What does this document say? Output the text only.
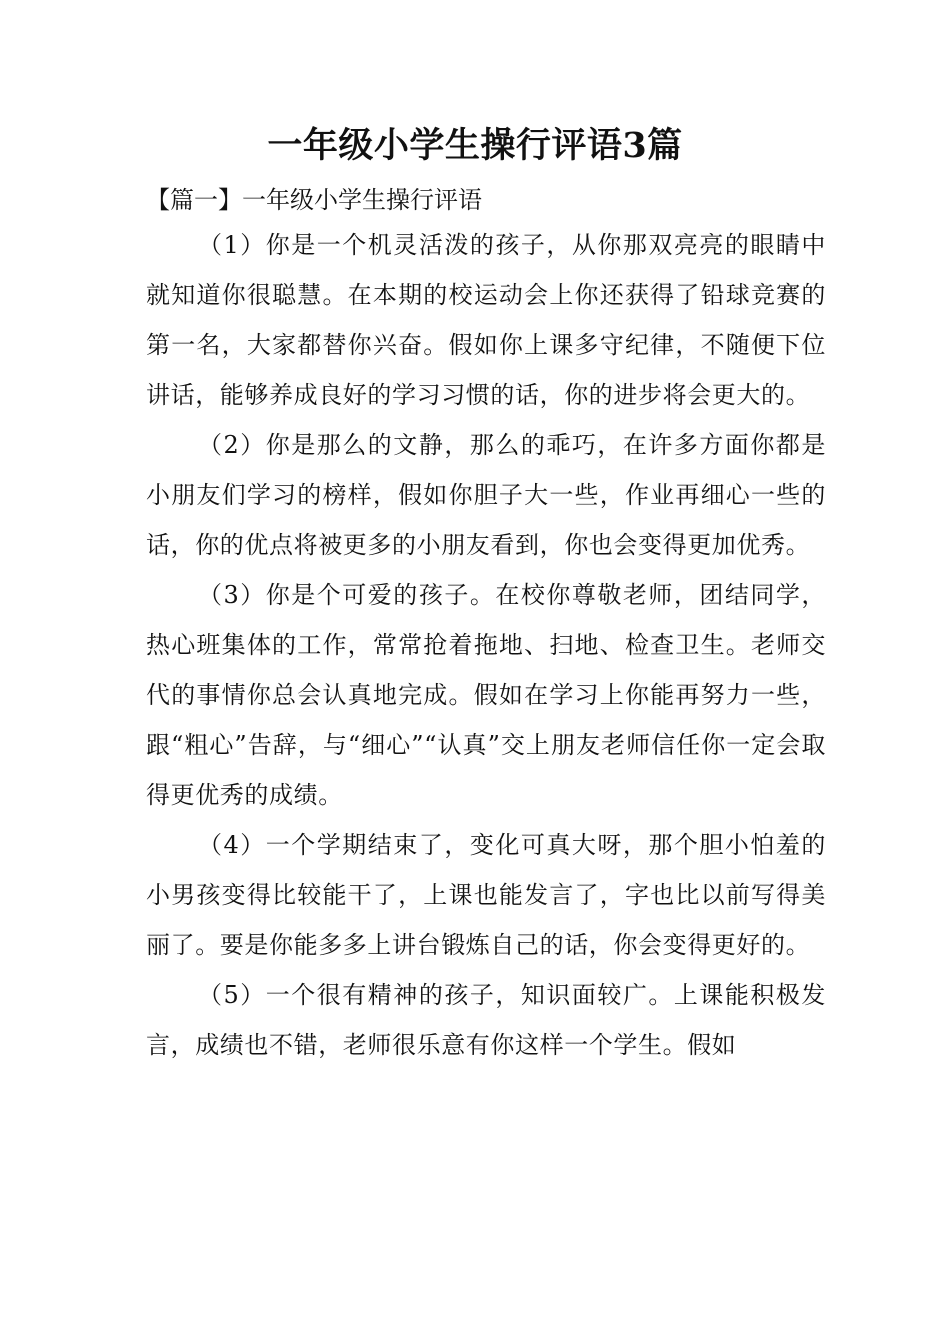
一年级小学生操行评语3篇
【篇一】一年级小学生操行评语

（1）你是一个机灵活泼的孩子，从你那双亮亮的眼睛中就知道你很聪慧。在本期的校运动会上你还获得了铅球竞赛的第一名，大家都替你兴奋。假如你上课多守纪律，不随便下位讲话，能够养成良好的学习习惯的话，你的进步将会更大的。

（2）你是那么的文静，那么的乖巧，在许多方面你都是小朋友们学习的榜样，假如你胆子大一些，作业再细心一些的话，你的优点将被更多的小朋友看到，你也会变得更加优秀。

（3）你是个可爱的孩子。在校你尊敬老师，团结同学，热心班集体的工作，常常抢着拖地、扫地、检查卫生。老师交代的事情你总会认真地完成。假如在学习上你能再努力一些，跟“粗心”告辞，与“细心”“认真”交上朋友老师信任你一定会取得更优秀的成绩。

（4）一个学期结束了，变化可真大呀，那个胆小怕羞的小男孩变得比较能干了，上课也能发言了，字也比以前写得美丽了。要是你能多多上讲台锻炼自己的话，你会变得更好的。

（5）一个很有精神的孩子，知识面较广。上课能积极发言，成绩也不错，老师很乐意有你这样一个学生。假如
